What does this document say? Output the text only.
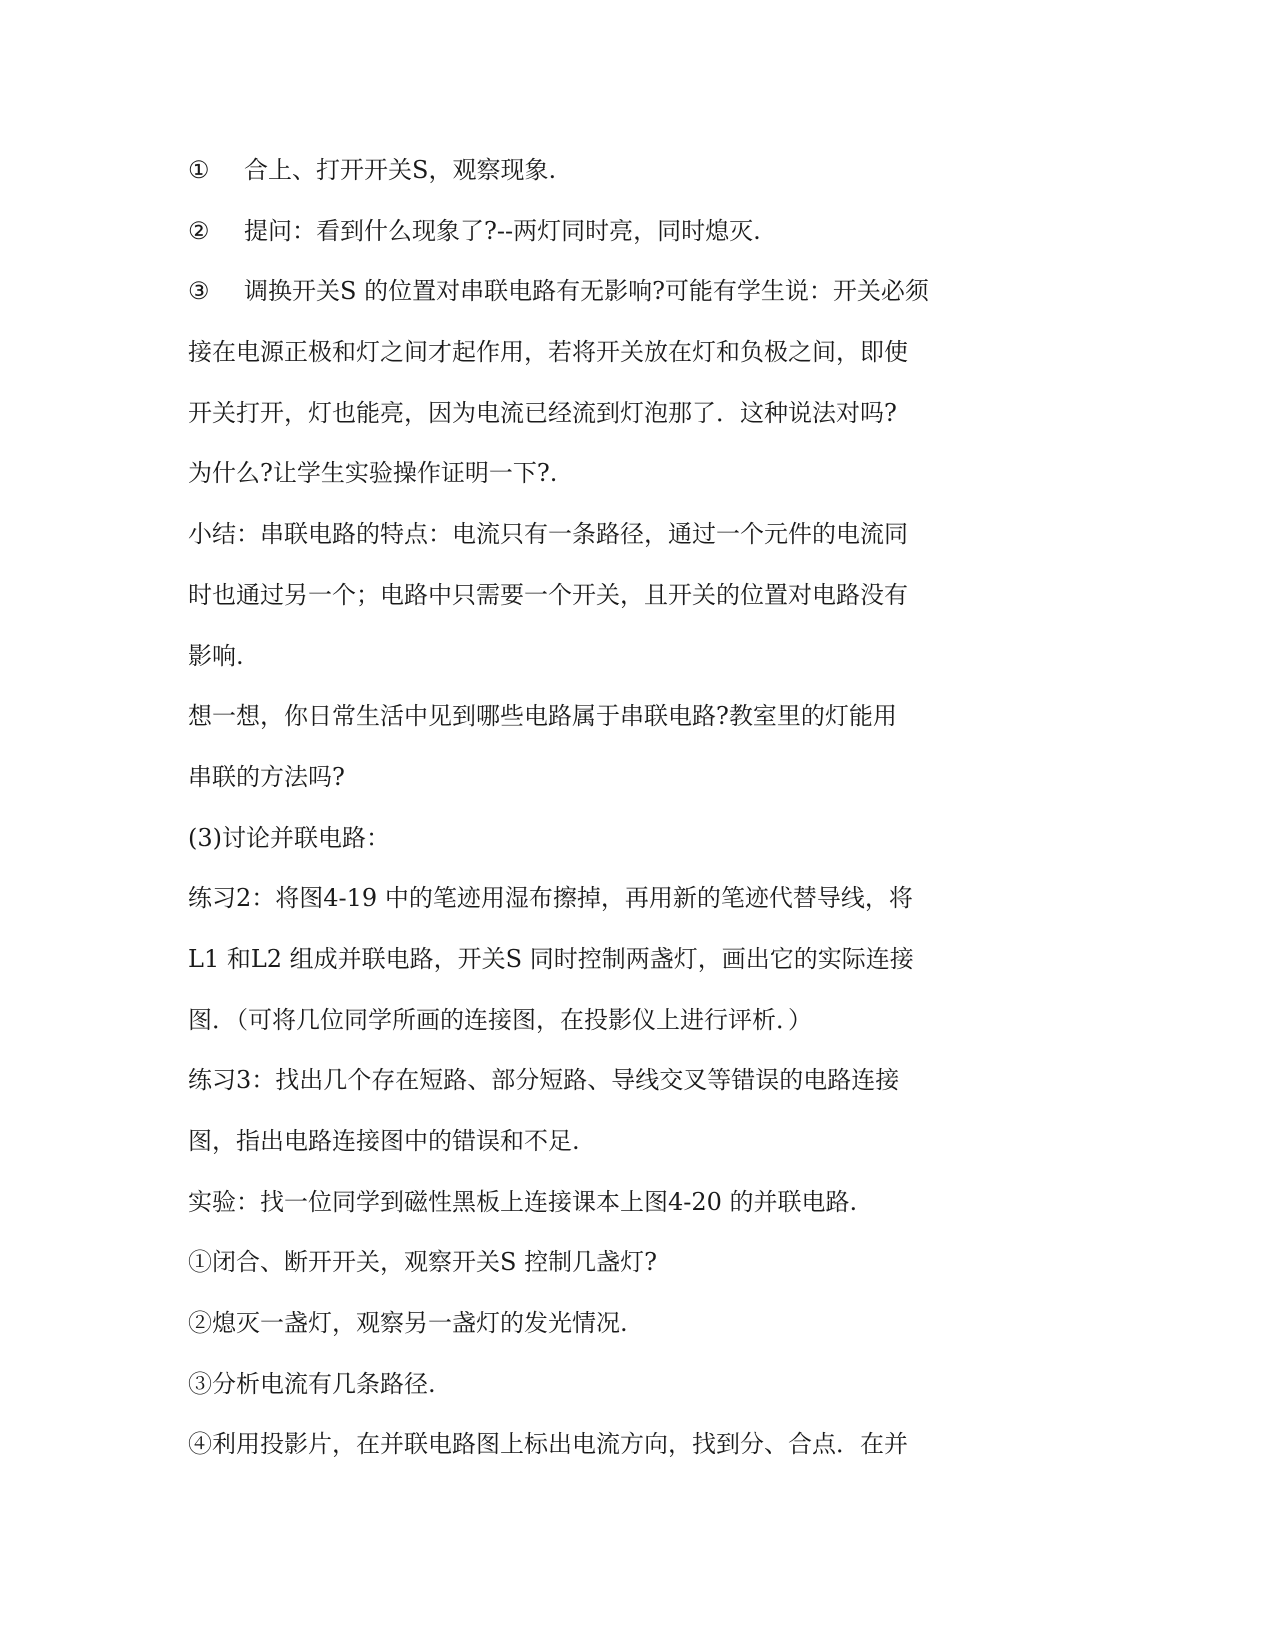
① 合上、打开开关S，观察现象.

② 提问：看到什么现象了?--两灯同时亮，同时熄灭.

③ 调换开关S 的位置对串联电路有无影响?可能有学生说：开关必须

接在电源正极和灯之间才起作用，若将开关放在灯和负极之间，即使

开关打开，灯也能亮，因为电流已经流到灯泡那了．这种说法对吗?

为什么?让学生实验操作证明一下?.

小结：串联电路的特点：电流只有一条路径，通过一个元件的电流同

时也通过另一个；电路中只需要一个开关，且开关的位置对电路没有

影响.

想一想，你日常生活中见到哪些电路属于串联电路?教室里的灯能用

串联的方法吗?

(3)讨论并联电路：

练习2：将图4-19 中的笔迹用湿布擦掉，再用新的笔迹代替导线，将

L1 和L2 组成并联电路，开关S 同时控制两盏灯，画出它的实际连接

图．（可将几位同学所画的连接图，在投影仪上进行评析．）

练习3：找出几个存在短路、部分短路、导线交叉等错误的电路连接

图，指出电路连接图中的错误和不足.

实验：找一位同学到磁性黑板上连接课本上图4-20 的并联电路.

①闭合、断开开关，观察开关S 控制几盏灯?

②熄灭一盏灯，观察另一盏灯的发光情况.

③分析电流有几条路径.

④利用投影片，在并联电路图上标出电流方向，找到分、合点．在并
